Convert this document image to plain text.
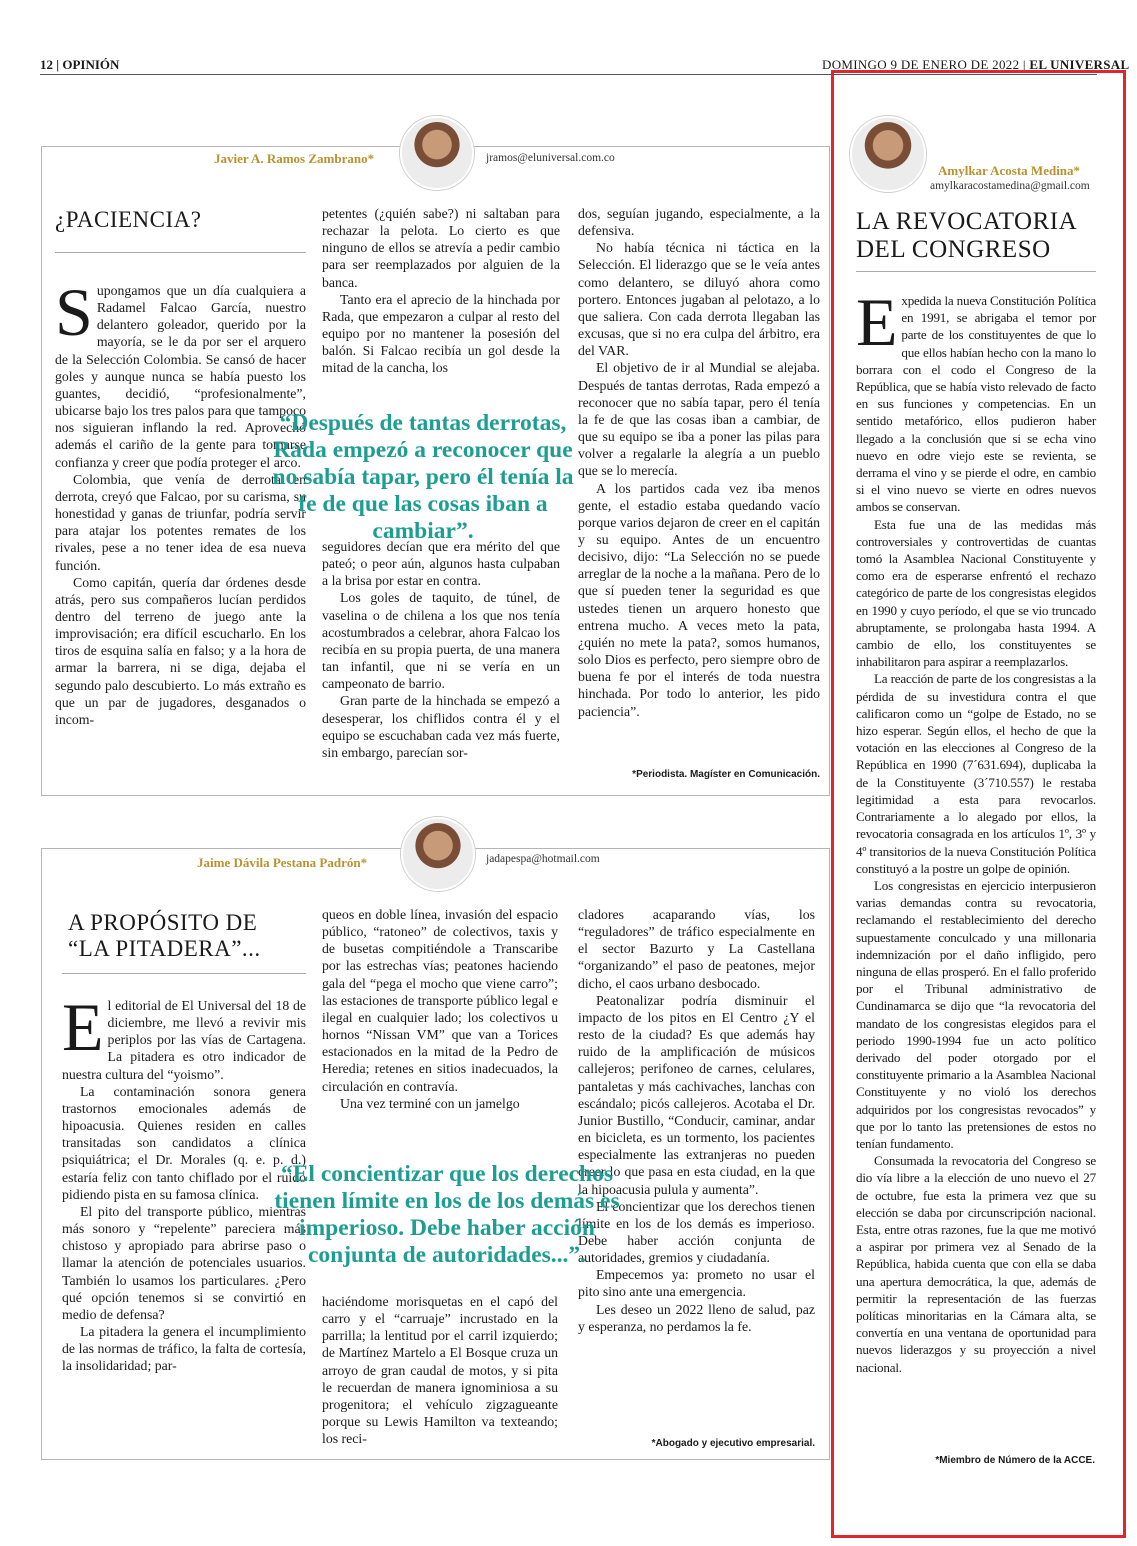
12 | OPINIÓN	DOMINGO 9 DE ENERO DE 2022 | EL UNIVERSAL
Javier A. Ramos Zambrano*	jramos@eluniversal.com.co
¿PACIENCIA?

Supongamos que un día cualquiera a Radamel Falcao García, nuestro delantero goleador, querido por la mayoría, se le da por ser el arquero de la Selección Colombia. Se cansó de hacer goles y aunque nunca se había puesto los guantes, decidió, “profesionalmente”, ubicarse bajo los tres palos para que tampoco nos siguieran inflando la red. Aprovechó además el cariño de la gente para tomarse confianza y creer que podía proteger el arco.

Colombia, que venía de derrota en derrota, creyó que Falcao, por su carisma, su honestidad y ganas de triunfar, podría servir para atajar los potentes remates de los rivales, pese a no tener idea de esa nueva función.

Como capitán, quería dar órdenes desde atrás, pero sus compañeros lucían perdidos dentro del terreno de juego ante la improvisación; era difícil escucharlo. En los tiros de esquina salía en falso; y a la hora de armar la barrera, ni se diga, dejaba el segundo palo descubierto. Lo más extraño es que un par de jugadores, desganados o incom-

petentes (¿quién sabe?) ni saltaban para rechazar la pelota. Lo cierto es que ninguno de ellos se atrevía a pedir cambio para ser reemplazados por alguien de la banca.

Tanto era el aprecio de la hinchada por Rada, que empezaron a culpar al resto del equipo por no mantener la posesión del balón. Si Falcao recibía un gol desde la mitad de la cancha, los

seguidores decían que era mérito del que pateó; o peor aún, algunos hasta culpaban a la brisa por estar en contra.

Los goles de taquito, de túnel, de vaselina o de chilena a los que nos tenía acostumbrados a celebrar, ahora Falcao los recibía en su propia puerta, de una manera tan infantil, que ni se vería en un campeonato de barrio.

Gran parte de la hinchada se empezó a desesperar, los chiflidos contra él y el equipo se escuchaban cada vez más fuerte, sin embargo, parecían sor-

dos, seguían jugando, especialmente, a la defensiva.

No había técnica ni táctica en la Selección. El liderazgo que se le veía antes como delantero, se diluyó ahora como portero. Entonces jugaban al pelotazo, a lo que saliera. Con cada derrota llegaban las excusas, que si no era culpa del árbitro, era del VAR.

El objetivo de ir al Mundial se alejaba. Después de tantas derrotas, Rada empezó a reconocer que no sabía tapar, pero él tenía la fe de que las cosas iban a cambiar, de que su equipo se iba a poner las pilas para volver a regalarle la alegría a un pueblo que se lo merecía.

A los partidos cada vez iba menos gente, el estadio estaba quedando vacío porque varios dejaron de creer en el capitán y su equipo. Antes de un encuentro decisivo, dijo: “La Selección no se puede arreglar de la noche a la mañana. Pero de lo que sí pueden tener la seguridad es que ustedes tienen un arquero honesto que entrena mucho. A veces meto la pata, ¿quién no mete la pata?, somos humanos, solo Dios es perfecto, pero siempre obro de buena fe por el interés de toda nuestra hinchada. Por todo lo anterior, les pido paciencia”.

“Después de tantas derrotas, Rada empezó a reconocer que no sabía tapar, pero él tenía la fe de que las cosas iban a cambiar”.
*Periodista. Magíster en Comunicación.
Jaime Dávila Pestana Padrón*	jadapespa@hotmail.com
A PROPÓSITO DE
“LA PITADERA”...

El editorial de El Universal del 18 de diciembre, me llevó a revivir mis periplos por las vías de Cartagena. La pitadera es otro indicador de nuestra cultura del “yoismo”.

La contaminación sonora genera trastornos emocionales además de hipoacusia. Quienes residen en calles transitadas son candidatos a clínica psiquiátrica; el Dr. Morales (q. e. p. d.) estaría feliz con tanto chiflado por el ruido pidiendo pista en su famosa clínica.

El pito del transporte público, mientras más sonoro y “repelente” pareciera más chistoso y apropiado para abrirse paso o llamar la atención de potenciales usuarios. También lo usamos los particulares. ¿Pero qué opción tenemos si se convirtió en medio de defensa?

La pitadera la genera el incumplimiento de las normas de tráfico, la falta de cortesía, la insolidaridad; par-

queos en doble línea, invasión del espacio público, “ratoneo” de colectivos, taxis y de busetas compitiéndole a Transcaribe por las estrechas vías; peatones haciendo gala del “pega el mocho que viene carro”; las estaciones de transporte público legal e ilegal en cualquier lado; los colectivos u hornos “Nissan VM” que van a Torices estacionados en la mitad de la Pedro de Heredia; retenes en sitios inadecuados, la circulación en contravía.

Una vez terminé con un jamelgo

haciéndome morisquetas en el capó del carro y el “carruaje” incrustado en la parrilla; la lentitud por el carril izquierdo; de Martínez Martelo a El Bosque cruza un arroyo de gran caudal de motos, y si pita le recuerdan de manera ignominiosa a su progenitora; el vehículo zigzagueante porque su Lewis Hamilton va texteando; los reci-

cladores acaparando vías, los “reguladores” de tráfico especialmente en el sector Bazurto y La Castellana “organizando” el paso de peatones, mejor dicho, el caos urbano desbocado.

Peatonalizar podría disminuir el impacto de los pitos en El Centro ¿Y el resto de la ciudad? Es que además hay ruido de la amplificación de músicos callejeros; perifoneo de carnes, celulares, pantaletas y más cachivaches, lanchas con escándalo; picós callejeros. Acotaba el Dr. Junior Bustillo, “Conducir, caminar, andar en bicicleta, es un tormento, los pacientes especialmente las extranjeras no pueden creer lo que pasa en esta ciudad, en la que la hipoacusia pulula y aumenta”.

El concientizar que los derechos tienen límite en los de los demás es imperioso. Debe haber acción conjunta de autoridades, gremios y ciudadanía.

Empecemos ya: prometo no usar el pito sino ante una emergencia.

Les deseo un 2022 lleno de salud, paz y esperanza, no perdamos la fe.

“El concientizar que los derechos tienen límite en los de los demás es imperioso. Debe haber acción conjunta de autoridades...”.
*Abogado y ejecutivo empresarial.
Amylkar Acosta Medina*
amylkaracostamedina@gmail.com
LA REVOCATORIA
DEL CONGRESO

Expedida la nueva Constitución Política en 1991, se abrigaba el temor por parte de los constituyentes de que lo que ellos habían hecho con la mano lo borrara con el codo el Congreso de la República, que se había visto relevado de facto en sus funciones y competencias. En un sentido metafórico, ellos pudieron haber llegado a la conclusión que si se echa vino nuevo en odre viejo este se revienta, se derrama el vino y se pierde el odre, en cambio si el vino nuevo se vierte en odres nuevos ambos se conservan.

Esta fue una de las medidas más controversiales y controvertidas de cuantas tomó la Asamblea Nacional Constituyente y como era de esperarse enfrentó el rechazo categórico de parte de los congresistas elegidos en 1990 y cuyo período, el que se vio truncado abruptamente, se prolongaba hasta 1994. A cambio de ello, los constituyentes se inhabilitaron para aspirar a reemplazarlos.

La reacción de parte de los congresistas a la pérdida de su investidura contra el que calificaron como un “golpe de Estado, no se hizo esperar. Según ellos, el hecho de que la votación en las elecciones al Congreso de la República en 1990 (7´631.694), duplicaba la de la Constituyente (3´710.557) le restaba legitimidad a esta para revocarlos. Contrariamente a lo alegado por ellos, la revocatoria consagrada en los artículos 1º, 3º y 4º transitorios de la nueva Constitución Política constituyó a la postre un golpe de opinión.

Los congresistas en ejercicio interpusieron varias demandas contra su revocatoria, reclamando el restablecimiento del derecho supuestamente conculcado y una millonaria indemnización por el daño infligido, pero ninguna de ellas prosperó. En el fallo proferido por el Tribunal administrativo de Cundinamarca se dijo que “la revocatoria del mandato de los congresistas elegidos para el periodo 1990-1994 fue un acto político derivado del poder otorgado por el constituyente primario a la Asamblea Nacional Constituyente y no violó los derechos adquiridos por los congresistas revocados” y que por lo tanto las pretensiones de estos no tenían fundamento.

Consumada la revocatoria del Congreso se dio vía libre a la elección de uno nuevo el 27 de octubre, fue esta la primera vez que su elección se daba por circunscripción nacional. Esta, entre otras razones, fue la que me motivó a aspirar por primera vez al Senado de la República, habida cuenta que con ella se daba una apertura democrática, la que, además de permitir la representación de las fuerzas políticas minoritarias en la Cámara alta, se convertía en una ventana de oportunidad para nuevos liderazgos y su proyección a nivel nacional.

*Miembro de Número de la ACCE.
